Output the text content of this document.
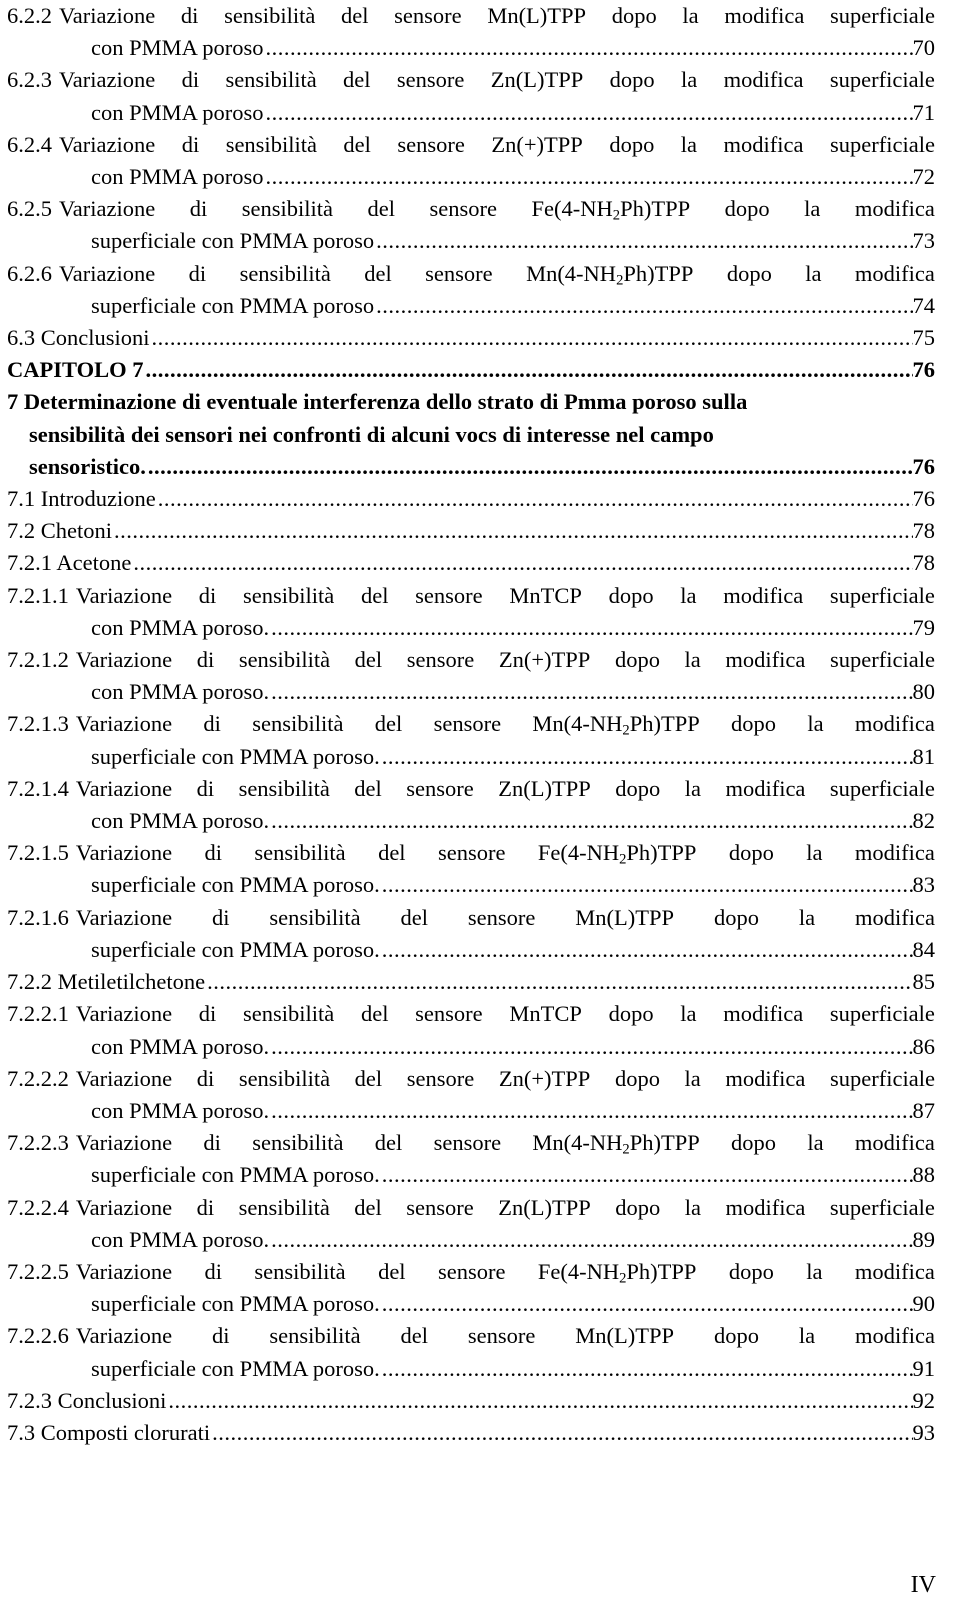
6.2.2 Variazione di sensibilità del sensore Mn(L)TPP dopo la modifica superficiale
con PMMA poroso .....	70
6.2.3 Variazione di sensibilità del sensore Zn(L)TPP dopo la modifica superficiale
con PMMA poroso .....	71
6.2.4 Variazione di sensibilità del sensore Zn(+)TPP dopo la modifica superficiale
con PMMA poroso .....	72
6.2.5 Variazione di sensibilità del sensore $Fe(4-NH_2Ph)TPP$ dopo la modifica
superficiale con PMMA poroso .....	73
6.2.6 Variazione di sensibilità del sensore $Mn(4-NH_2Ph)TPP$ dopo la modifica
superficiale con PMMA poroso .....	74
6.3 Conclusioni .....	75
CAPITOLO 7 .....	76
7 Determinazione di eventuale interferenza dello strato di Pmma poroso sulla
sensibilità dei sensori nei confronti di alcuni vocs di interesse nel campo
sensoristico. .....	76
7.1 Introduzione .....	76
7.2 Chetoni .....	78
7.2.1 Acetone .....	78
7.2.1.1 Variazione di sensibilità del sensore MnTCP dopo la modifica superficiale
con PMMA poroso. .....	79
7.2.1.2 Variazione di sensibilità del sensore Zn(+)TPP dopo la modifica superficiale
con PMMA poroso. .....	80
7.2.1.3 Variazione di sensibilità del sensore $Mn(4-NH_2Ph)TPP$ dopo la modifica
superficiale con PMMA poroso. .....	81
7.2.1.4 Variazione di sensibilità del sensore Zn(L)TPP dopo la modifica superficiale
con PMMA poroso. .....	82
7.2.1.5 Variazione di sensibilità del sensore $Fe(4-NH_2Ph)TPP$ dopo la modifica
superficiale con PMMA poroso. .....	83
7.2.1.6 Variazione di sensibilità del sensore Mn(L)TPP dopo la modifica
superficiale con PMMA poroso. .....	84
7.2.2 Metiletilchetone .....	85
7.2.2.1 Variazione di sensibilità del sensore MnTCP dopo la modifica superficiale
con PMMA poroso. .....	86
7.2.2.2 Variazione di sensibilità del sensore Zn(+)TPP dopo la modifica superficiale
con PMMA poroso. .....	87
7.2.2.3 Variazione di sensibilità del sensore $Mn(4-NH_2Ph)TPP$ dopo la modifica
superficiale con PMMA poroso. .....	88
7.2.2.4 Variazione di sensibilità del sensore Zn(L)TPP dopo la modifica superficiale
con PMMA poroso. .....	89
7.2.2.5 Variazione di sensibilità del sensore $Fe(4-NH_2Ph)TPP$ dopo la modifica
superficiale con PMMA poroso. .....	90
7.2.2.6 Variazione di sensibilità del sensore Mn(L)TPP dopo la modifica
superficiale con PMMA poroso. .....	91
7.2.3 Conclusioni .....	92
7.3 Composti clorurati .....	93
IV
